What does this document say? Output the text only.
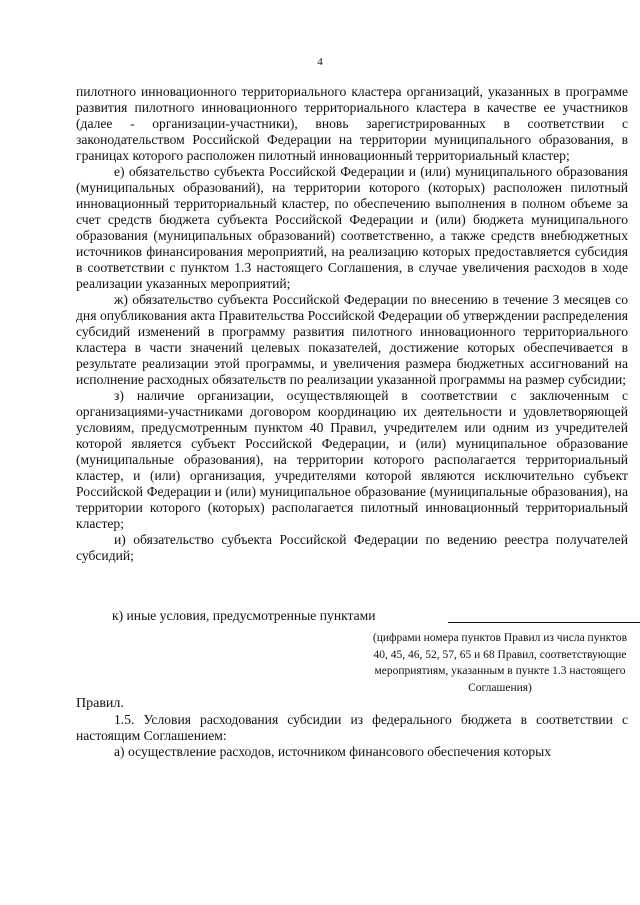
4

пилотного инновационного территориального кластера организаций, указанных в программе развития пилотного инновационного территориального кластера в качестве ее участников (далее - организации-участники), вновь зарегистрированных в соответствии с законодательством Российской Федерации на территории муниципального образования, в границах которого расположен пилотный инновационный территориальный кластер;

е) обязательство субъекта Российской Федерации и (или) муниципального образования (муниципальных образований), на территории которого (которых) расположен пилотный инновационный территориальный кластер, по обеспечению выполнения в полном объеме за счет средств бюджета субъекта Российской Федерации и (или) бюджета муниципального образования (муниципальных образований) соответственно, а также средств внебюджетных источников финансирования мероприятий, на реализацию которых предоставляется субсидия в соответствии с пунктом 1.3 настоящего Соглашения, в случае увеличения расходов в ходе реализации указанных мероприятий;

ж) обязательство субъекта Российской Федерации по внесению в течение 3 месяцев со дня опубликования акта Правительства Российской Федерации об утверждении распределения субсидий изменений в программу развития пилотного инновационного территориального кластера в части значений целевых показателей, достижение которых обеспечивается в результате реализации этой программы, и увеличения размера бюджетных ассигнований на исполнение расходных обязательств по реализации указанной программы на размер субсидии;

з) наличие организации, осуществляющей в соответствии с заключенным с организациями-участниками договором координацию их деятельности и удовлетворяющей условиям, предусмотренным пунктом 40 Правил, учредителем или одним из учредителей которой является субъект Российской Федерации, и (или) муниципальное образование (муниципальные образования), на территории которого располагается территориальный кластер, и (или) организация, учредителями которой являются исключительно субъект Российской Федерации и (или) муниципальное образование (муниципальные образования), на территории которого (которых) располагается пилотный инновационный территориальный кластер;

и) обязательство субъекта Российской Федерации по ведению реестра получателей субсидий;

к) иные условия, предусмотренные пунктами
(цифрами номера пунктов Правил из числа пунктов 40, 45, 46, 52, 57, 65 и 68 Правил, соответствующие мероприятиям, указанным в пункте 1.3 настоящего Соглашения)

Правил.

1.5. Условия расходования субсидии из федерального бюджета в соответствии с настоящим Соглашением:

а) осуществление расходов, источником финансового обеспечения которых
